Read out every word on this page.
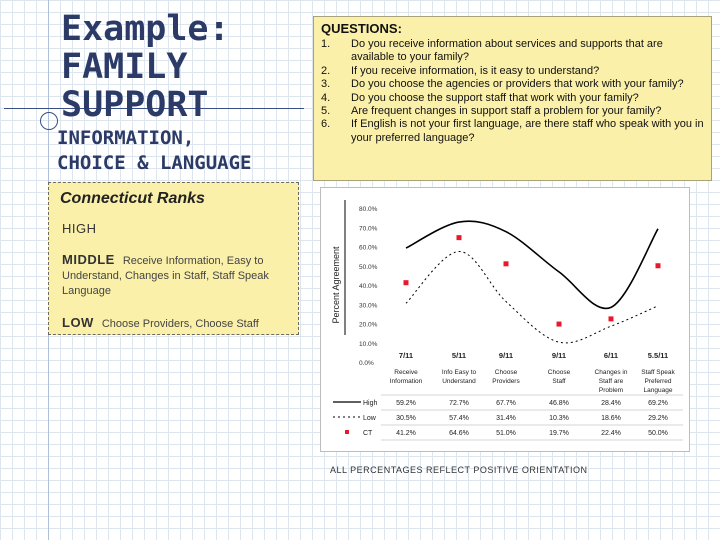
Example:
FAMILY
SUPPORT
INFORMATION,
CHOICE & LANGUAGE
QUESTIONS:
1.	Do you receive information about services and supports that are available to your family?
2.	If you receive information, is it easy to understand?
3.	Do you choose the agencies or providers that work with your family?
4.	Do you choose the support staff that work with your family?
5.	Are frequent changes in support staff a problem for your family?
6.	If English is not your first language, are there staff who speak with you in your preferred language?

Connecticut Ranks

HIGH

MIDDLE Receive Information, Easy to Understand, Changes in Staff, Staff Speak Language

LOW Choose Providers, Choose Staff

Percent Agreement
80.0%
70.0%
60.0%
50.0%
40.0%
30.0%
20.0%
10.0%
0.0%
7/11
Receive
Information
5/11
Info Easy to
Understand
9/11
Choose
Providers
9/11
Choose
Staff
6/11
Changes in
Staff are
Problem
5.5/11
Staff Speak
Preferred
Language
High	59.2%	72.7%	67.7%	46.8%	28.4%	69.2%
Low	30.5%	57.4%	31.4%	10.3%	18.6%	29.2%
CT	41.2%	64.6%	51.0%	19.7%	22.4%	50.0%
ALL PERCENTAGES REFLECT POSITIVE ORIENTATION
